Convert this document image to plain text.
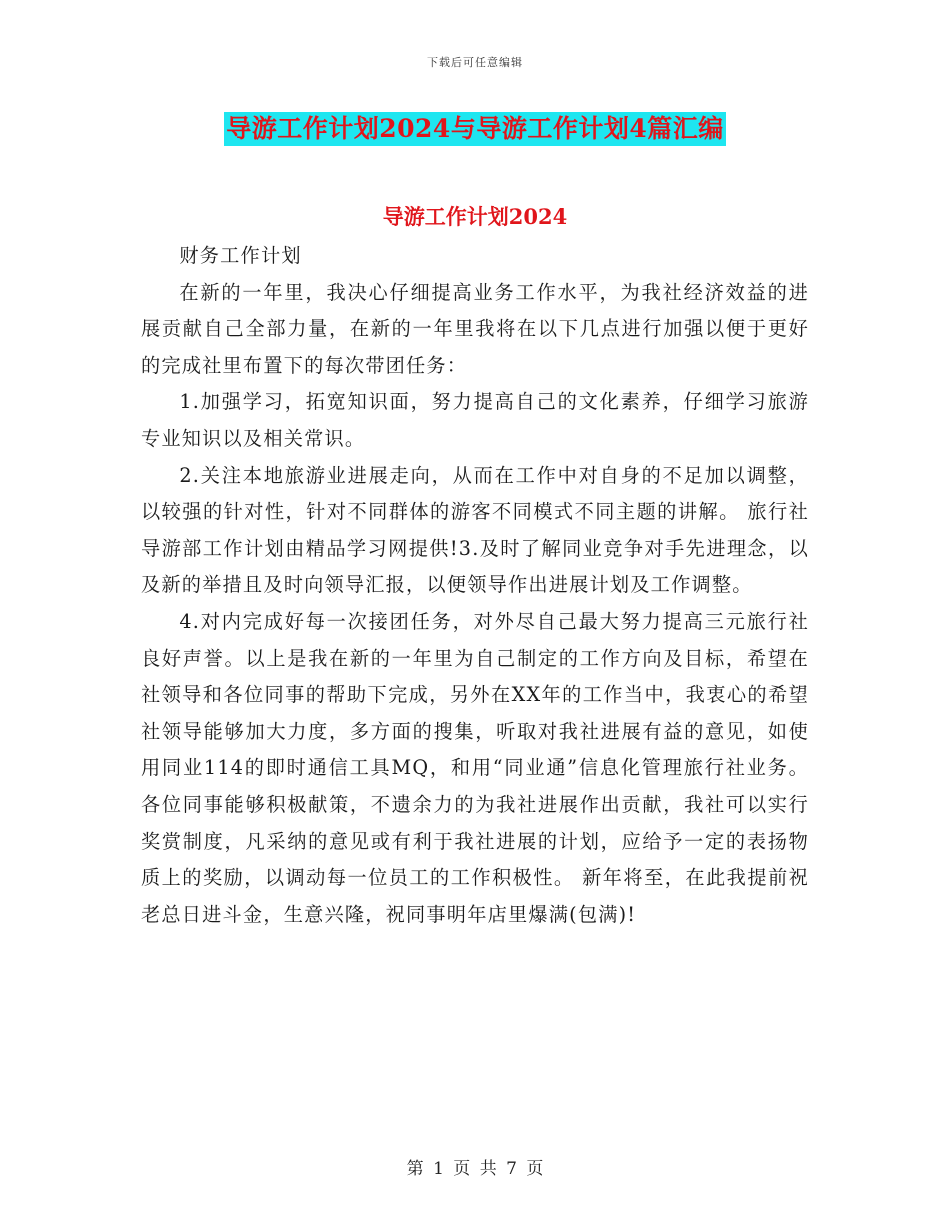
下载后可任意编辑
导游工作计划2024与导游工作计划4篇汇编
导游工作计划2024

财务工作计划

在新的一年里，我决心仔细提高业务工作水平，为我社经济效益的进展贡献自己全部力量，在新的一年里我将在以下几点进行加强以便于更好的完成社里布置下的每次带团任务：

1.加强学习，拓宽知识面，努力提高自己的文化素养，仔细学习旅游专业知识以及相关常识。

2.关注本地旅游业进展走向，从而在工作中对自身的不足加以调整，以较强的针对性，针对不同群体的游客不同模式不同主题的讲解。 旅行社导游部工作计划由精品学习网提供!3.及时了解同业竞争对手先进理念，以及新的举措且及时向领导汇报，以便领导作出进展计划及工作调整。

4.对内完成好每一次接团任务，对外尽自己最大努力提高三元旅行社良好声誉。以上是我在新的一年里为自己制定的工作方向及目标，希望在社领导和各位同事的帮助下完成，另外在XX年的工作当中，我衷心的希望社领导能够加大力度，多方面的搜集，听取对我社进展有益的意见，如使用同业114的即时通信工具MQ，和用“同业通”信息化管理旅行社业务。各位同事能够积极献策，不遗余力的为我社进展作出贡献，我社可以实行奖赏制度，凡采纳的意见或有利于我社进展的计划，应给予一定的表扬物质上的奖励，以调动每一位员工的工作积极性。 新年将至，在此我提前祝老总日进斗金，生意兴隆，祝同事明年店里爆满(包满)!

第 1 页 共 7 页
